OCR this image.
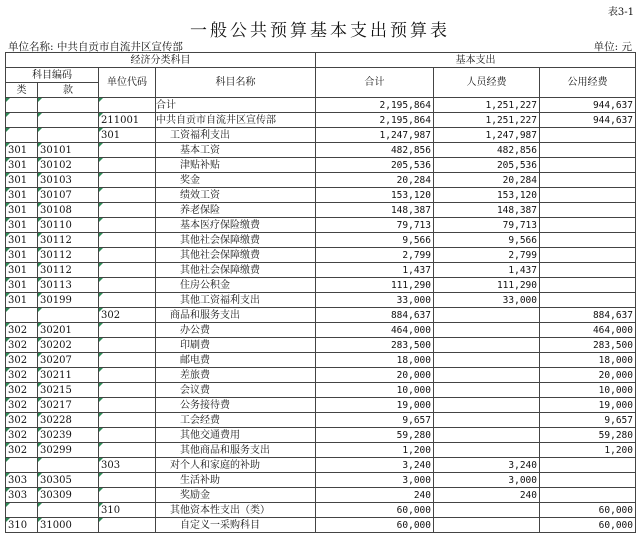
表3-1
一般公共预算基本支出预算表
单位名称: 中共自贡市自流井区宣传部	单位: 元
经济分类科目				基本支出		
科目编码		单位代码	科目名称	合计	人员经费	公用经费
类	款					
			合计	2,195,864	1,251,227	944,637
		211001	中共自贡市自流井区宣传部	2,195,864	1,251,227	944,637
		301	工资福利支出	1,247,987	1,247,987	
301	30101		基本工资	482,856	482,856	
301	30102		津贴补贴	205,536	205,536	
301	30103		奖金	20,284	20,284	
301	30107		绩效工资	153,120	153,120	
301	30108		养老保险	148,387	148,387	
301	30110		基本医疗保险缴费	79,713	79,713	
301	30112		其他社会保障缴费	9,566	9,566	
301	30112		其他社会保障缴费	2,799	2,799	
301	30112		其他社会保障缴费	1,437	1,437	
301	30113		住房公积金	111,290	111,290	
301	30199		其他工资福利支出	33,000	33,000	
		302	商品和服务支出	884,637		884,637
302	30201		办公费	464,000		464,000
302	30202		印刷费	283,500		283,500
302	30207		邮电费	18,000		18,000
302	30211		差旅费	20,000		20,000
302	30215		会议费	10,000		10,000
302	30217		公务接待费	19,000		19,000
302	30228		工会经费	9,657		9,657
302	30239		其他交通费用	59,280		59,280
302	30299		其他商品和服务支出	1,200		1,200
		303	对个人和家庭的补助	3,240	3,240	
303	30305		生活补助	3,000	3,000	
303	30309		奖励金	240	240	
		310	其他资本性支出（类）	60,000		60,000
310	31000		自定义一采购科目	60,000		60,000
